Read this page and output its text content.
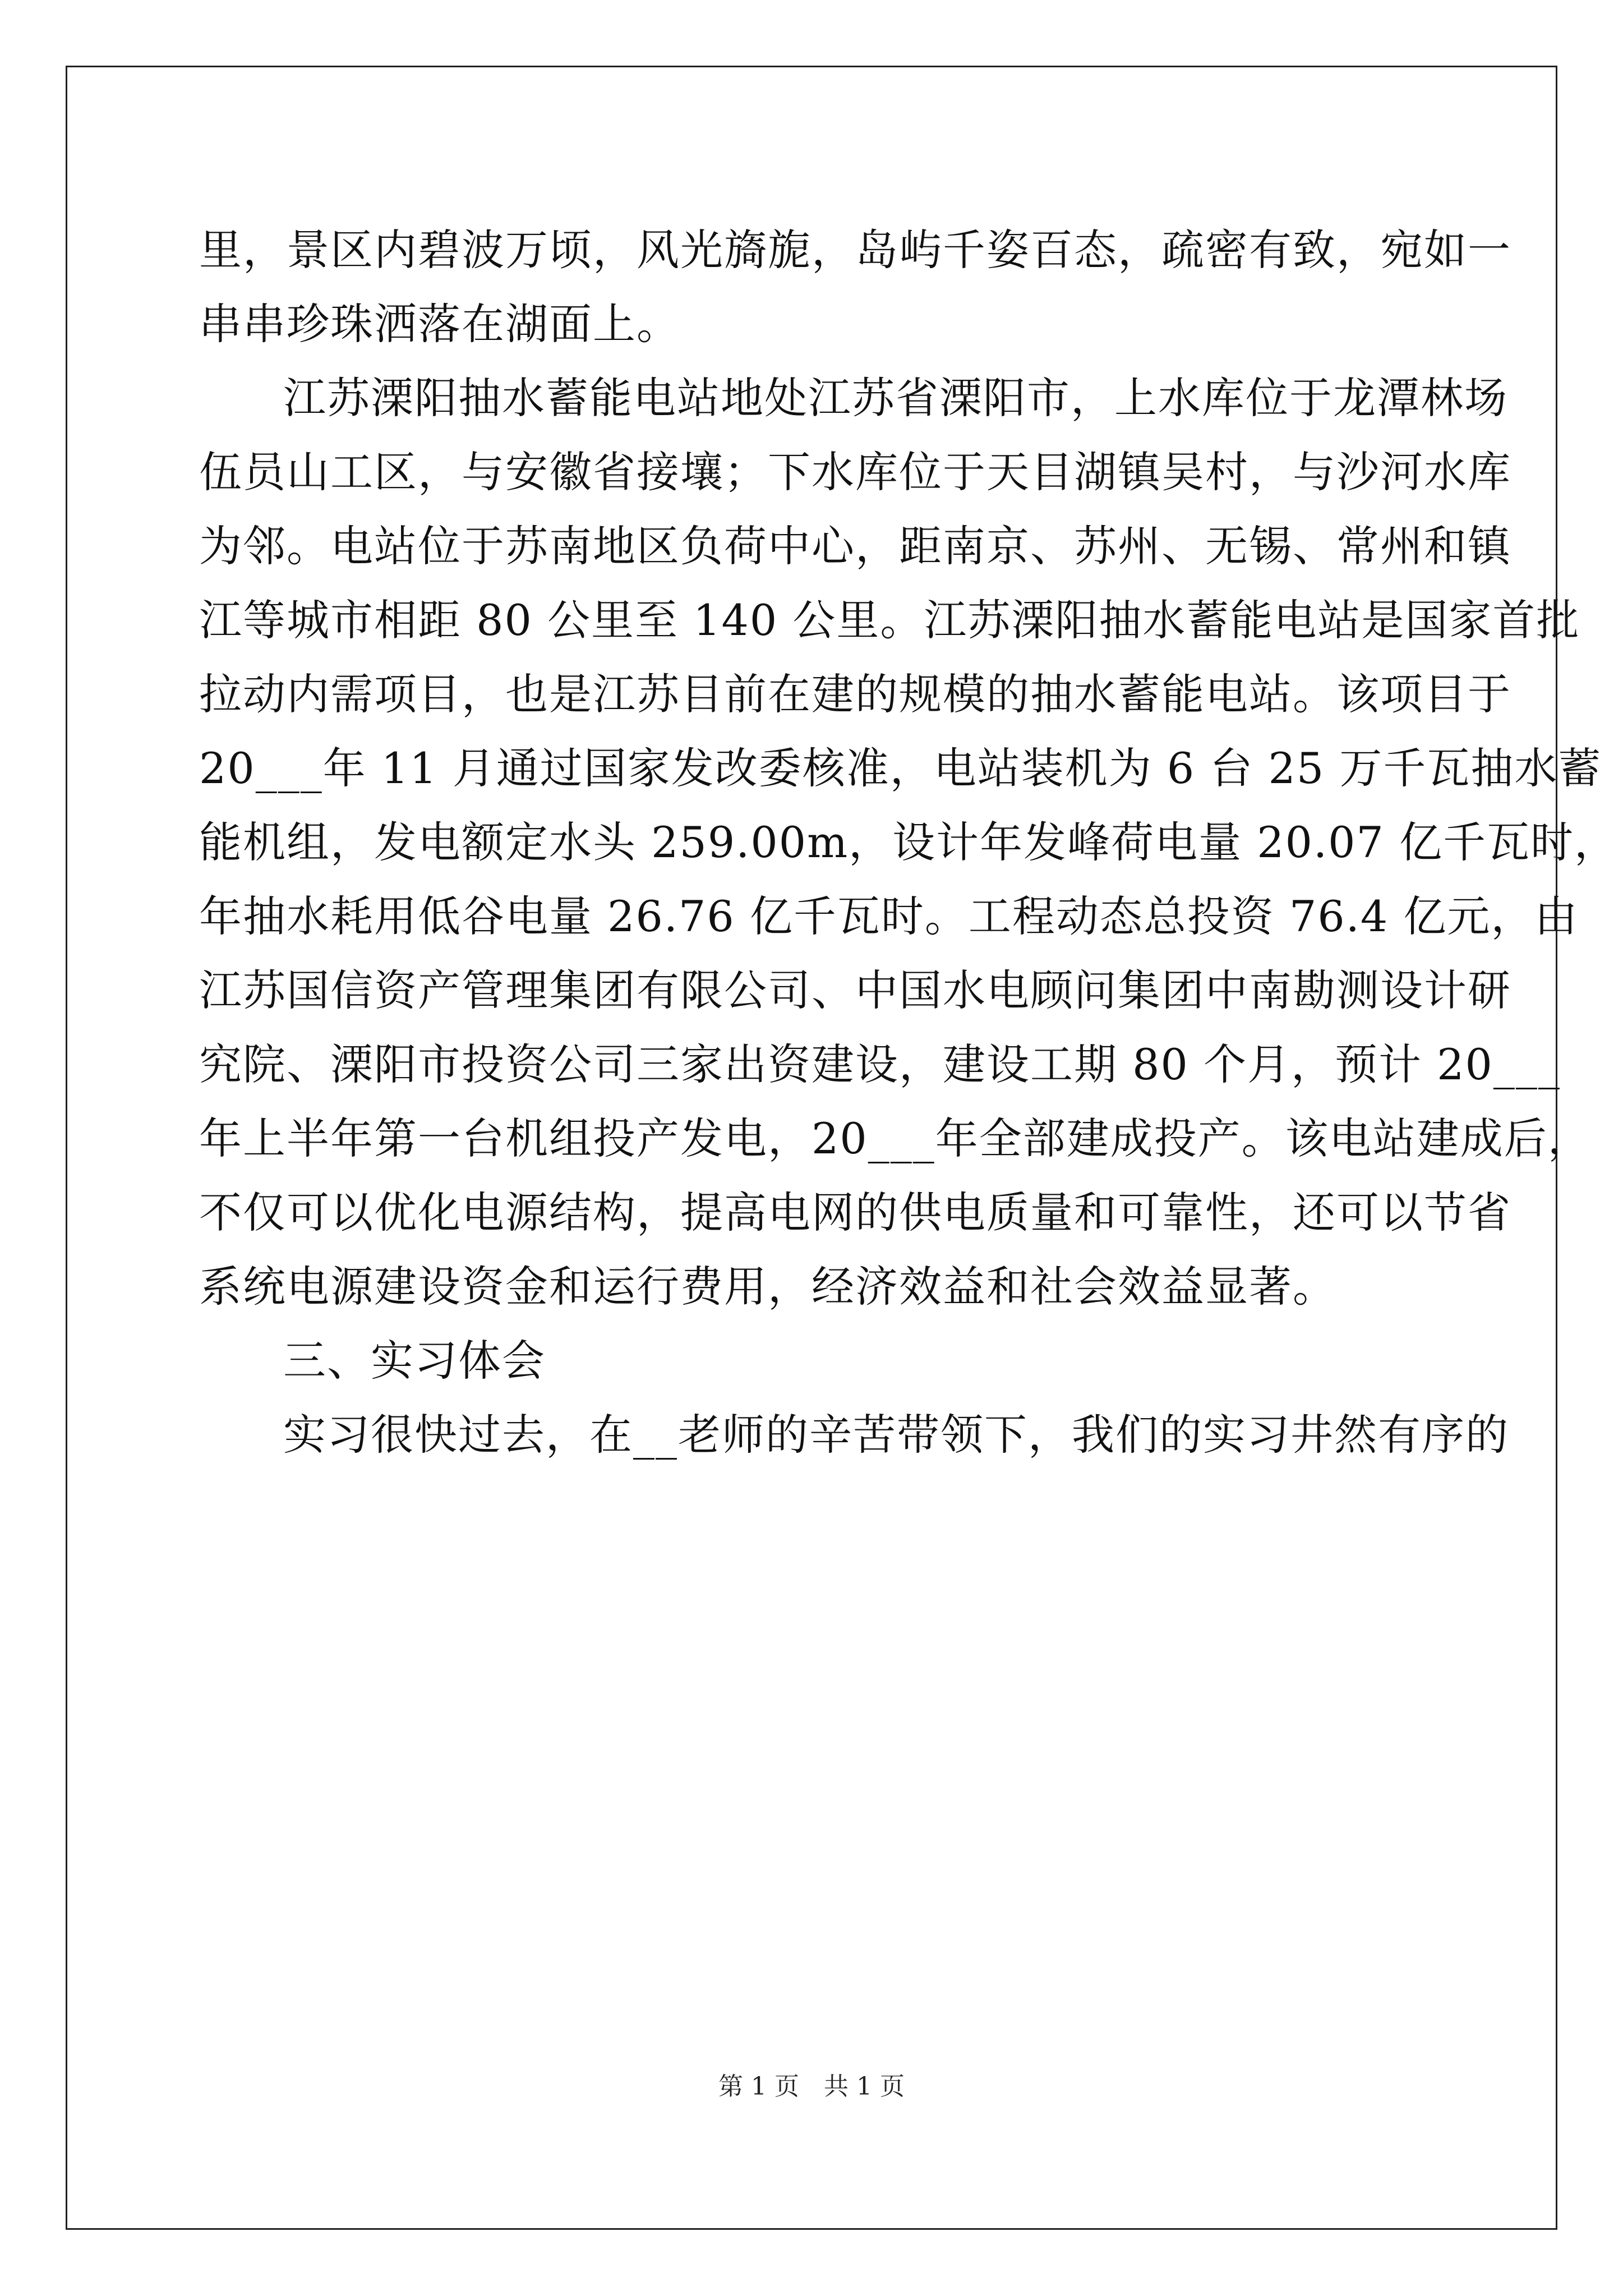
里，景区内碧波万顷，风光旖旎，岛屿千姿百态，疏密有致，宛如一
串串珍珠洒落在湖面上。
江苏溧阳抽水蓄能电站地处江苏省溧阳市，上水库位于龙潭林场
伍员山工区，与安徽省接壤；下水库位于天目湖镇吴村，与沙河水库
为邻。电站位于苏南地区负荷中心，距南京、苏州、无锡、常州和镇
江等城市相距 80 公里至 140 公里。江苏溧阳抽水蓄能电站是国家首批
拉动内需项目，也是江苏目前在建的规模的抽水蓄能电站。该项目于
20___年 11 月通过国家发改委核准，电站装机为 6 台 25 万千瓦抽水蓄
能机组，发电额定水头 259.00m，设计年发峰荷电量 20.07 亿千瓦时，
年抽水耗用低谷电量 26.76 亿千瓦时。工程动态总投资 76.4 亿元，由
江苏国信资产管理集团有限公司、中国水电顾问集团中南勘测设计研
究院、溧阳市投资公司三家出资建设，建设工期 80 个月，预计 20___
年上半年第一台机组投产发电，20___年全部建成投产。该电站建成后，
不仅可以优化电源结构，提高电网的供电质量和可靠性，还可以节省
系统电源建设资金和运行费用，经济效益和社会效益显著。
三、实习体会
实习很快过去，在__老师的辛苦带领下，我们的实习井然有序的
第 1 页　共 1 页
